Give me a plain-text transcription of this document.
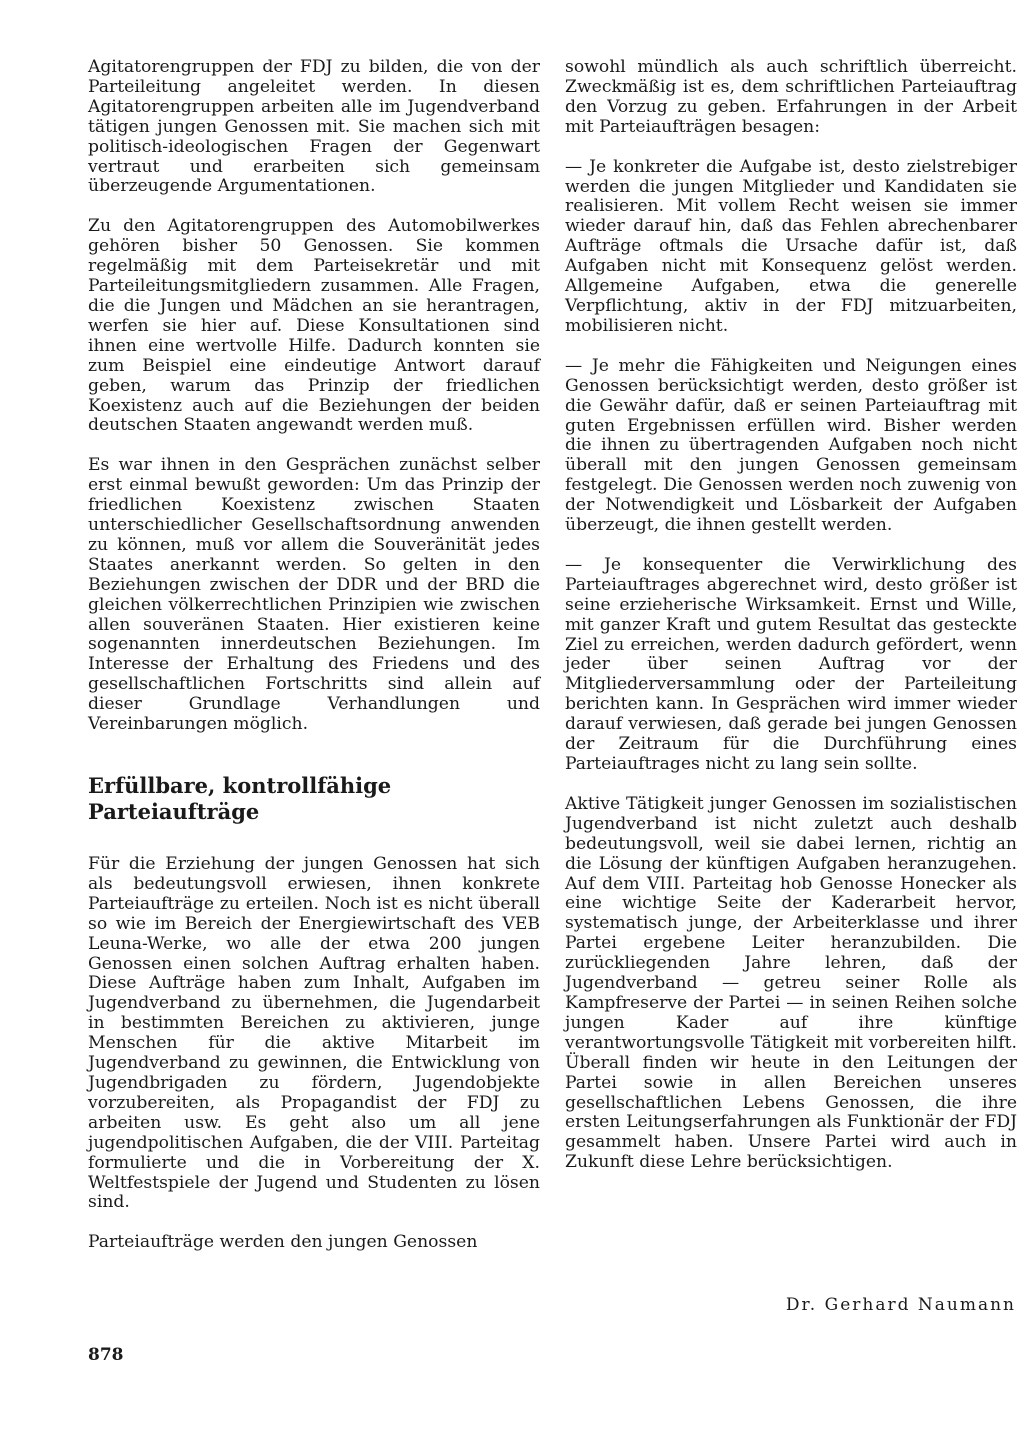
Agitatorengruppen der FDJ zu bilden, die von der Parteileitung angeleitet werden. In diesen Agitatorengruppen arbeiten alle im Jugendverband tätigen jungen Genossen mit. Sie machen sich mit politisch-ideologischen Fragen der Gegenwart vertraut und erarbeiten sich gemeinsam überzeugende Argumentationen.

Zu den Agitatorengruppen des Automobilwerkes gehören bisher 50 Genossen. Sie kommen regelmäßig mit dem Parteisekretär und mit Parteileitungsmitgliedern zusammen. Alle Fragen, die die Jungen und Mädchen an sie herantragen, werfen sie hier auf. Diese Konsultationen sind ihnen eine wertvolle Hilfe. Dadurch konnten sie zum Beispiel eine eindeutige Antwort darauf geben, warum das Prinzip der friedlichen Koexistenz auch auf die Beziehungen der beiden deutschen Staaten angewandt werden muß.

Es war ihnen in den Gesprächen zunächst selber erst einmal bewußt geworden: Um das Prinzip der friedlichen Koexistenz zwischen Staaten unterschiedlicher Gesellschaftsordnung anwenden zu können, muß vor allem die Souveränität jedes Staates anerkannt werden. So gelten in den Beziehungen zwischen der DDR und der BRD die gleichen völkerrechtlichen Prinzipien wie zwischen allen souveränen Staaten. Hier existieren keine sogenannten innerdeutschen Beziehungen. Im Interesse der Erhaltung des Friedens und des gesellschaftlichen Fortschritts sind allein auf dieser Grundlage Verhandlungen und Vereinbarungen möglich.

Erfüllbare, kontrollfähige Parteiaufträge

Für die Erziehung der jungen Genossen hat sich als bedeutungsvoll erwiesen, ihnen konkrete Parteiaufträge zu erteilen. Noch ist es nicht überall so wie im Bereich der Energiewirtschaft des VEB Leuna-Werke, wo alle der etwa 200 jungen Genossen einen solchen Auftrag erhalten haben. Diese Aufträge haben zum Inhalt, Aufgaben im Jugendverband zu übernehmen, die Jugendarbeit in bestimmten Bereichen zu aktivieren, junge Menschen für die aktive Mitarbeit im Jugendverband zu gewinnen, die Entwicklung von Jugendbrigaden zu fördern, Jugendobjekte vorzubereiten, als Propagandist der FDJ zu arbeiten usw. Es geht also um all jene jugendpolitischen Aufgaben, die der VIII. Parteitag formulierte und die in Vorbereitung der X. Weltfestspiele der Jugend und Studenten zu lösen sind.

Parteiaufträge werden den jungen Genossen

sowohl mündlich als auch schriftlich überreicht. Zweckmäßig ist es, dem schriftlichen Parteiauftrag den Vorzug zu geben. Erfahrungen in der Arbeit mit Parteiaufträgen besagen:

— Je konkreter die Aufgabe ist, desto zielstrebiger werden die jungen Mitglieder und Kandidaten sie realisieren. Mit vollem Recht weisen sie immer wieder darauf hin, daß das Fehlen abrechenbarer Aufträge oftmals die Ursache dafür ist, daß Aufgaben nicht mit Konsequenz gelöst werden. Allgemeine Aufgaben, etwa die generelle Verpflichtung, aktiv in der FDJ mitzuarbeiten, mobilisieren nicht.

— Je mehr die Fähigkeiten und Neigungen eines Genossen berücksichtigt werden, desto größer ist die Gewähr dafür, daß er seinen Parteiauftrag mit guten Ergebnissen erfüllen wird. Bisher werden die ihnen zu übertragenden Aufgaben noch nicht überall mit den jungen Genossen gemeinsam festgelegt. Die Genossen werden noch zuwenig von der Notwendigkeit und Lösbarkeit der Aufgaben überzeugt, die ihnen gestellt werden.

— Je konsequenter die Verwirklichung des Parteiauftrages abgerechnet wird, desto größer ist seine erzieherische Wirksamkeit. Ernst und Wille, mit ganzer Kraft und gutem Resultat das gesteckte Ziel zu erreichen, werden dadurch gefördert, wenn jeder über seinen Auftrag vor der Mitgliederversammlung oder der Parteileitung berichten kann. In Gesprächen wird immer wieder darauf verwiesen, daß gerade bei jungen Genossen der Zeitraum für die Durchführung eines Parteiauftrages nicht zu lang sein sollte.

Aktive Tätigkeit junger Genossen im sozialistischen Jugendverband ist nicht zuletzt auch deshalb bedeutungsvoll, weil sie dabei lernen, richtig an die Lösung der künftigen Aufgaben heranzugehen. Auf dem VIII. Parteitag hob Genosse Honecker als eine wichtige Seite der Kaderarbeit hervor, systematisch junge, der Arbeiterklasse und ihrer Partei ergebene Leiter heranzubilden. Die zurückliegenden Jahre lehren, daß der Jugendverband — getreu seiner Rolle als Kampfreserve der Partei — in seinen Reihen solche jungen Kader auf ihre künftige verantwortungsvolle Tätigkeit mit vorbereiten hilft. Überall finden wir heute in den Leitungen der Partei sowie in allen Bereichen unseres gesellschaftlichen Lebens Genossen, die ihre ersten Leitungserfahrungen als Funktionär der FDJ gesammelt haben. Unsere Partei wird auch in Zukunft diese Lehre berücksichtigen.

Dr. Gerhard Naumann
878
